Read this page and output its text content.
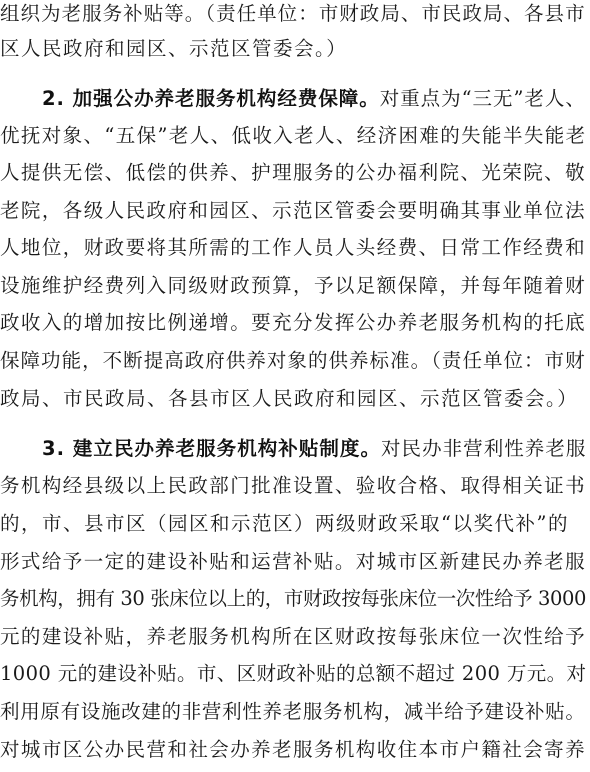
组织为老服务补贴等。（责任单位：市财政局、市民政局、各县市
区人民政府和园区、示范区管委会。）
2. 加强公办养老服务机构经费保障。对重点为“三无”老人、
优抚对象、“五保”老人、低收入老人、经济困难的失能半失能老
人提供无偿、低偿的供养、护理服务的公办福利院、光荣院、敬
老院，各级人民政府和园区、示范区管委会要明确其事业单位法
人地位，财政要将其所需的工作人员人头经费、日常工作经费和
设施维护经费列入同级财政预算，予以足额保障，并每年随着财
政收入的增加按比例递增。要充分发挥公办养老服务机构的托底
保障功能，不断提高政府供养对象的供养标准。（责任单位：市财
政局、市民政局、各县市区人民政府和园区、示范区管委会。）
3. 建立民办养老服务机构补贴制度。对民办非营利性养老服
务机构经县级以上民政部门批准设置、验收合格、取得相关证书
的，市、县市区（园区和示范区）两级财政采取“以奖代补”的
形式给予一定的建设补贴和运营补贴。对城市区新建民办养老服
务机构，拥有 30 张床位以上的，市财政按每张床位一次性给予 3000
元的建设补贴，养老服务机构所在区财政按每张床位一次性给予
1000 元的建设补贴。市、区财政补贴的总额不超过 200 万元。对
利用原有设施改建的非营利性养老服务机构，减半给予建设补贴。
对城市区公办民营和社会办养老服务机构收住本市户籍社会寄养
